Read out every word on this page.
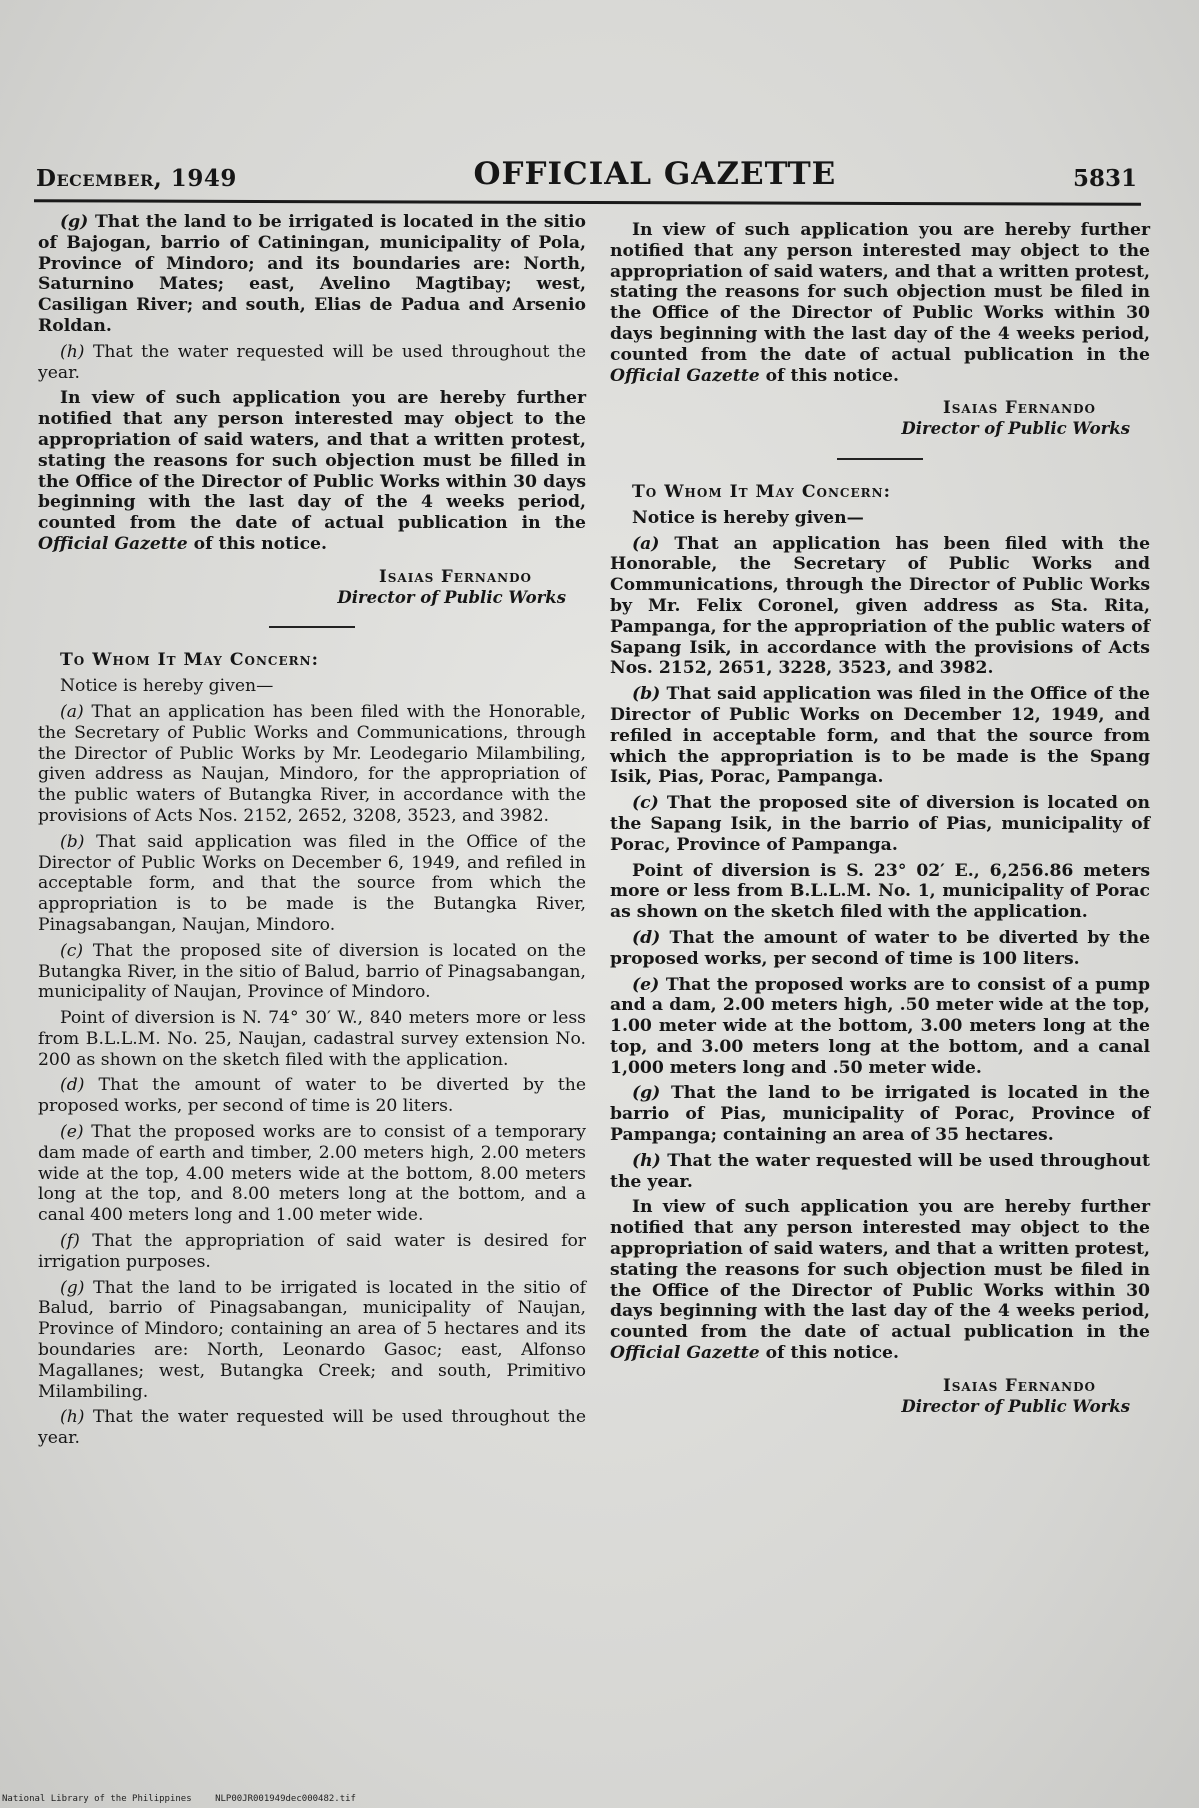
December, 1949	OFFICIAL GAZETTE	5831

(g) That the land to be irrigated is located in the sitio of Bajogan, barrio of Catiningan, municipality of Pola, Province of Mindoro; and its boundaries are: North, Saturnino Mates; east, Avelino Magtibay; west, Casiligan River; and south, Elias de Padua and Arsenio Roldan.

(h) That the water requested will be used throughout the year.

In view of such application you are hereby further notified that any person interested may object to the appropriation of said waters, and that a written protest, stating the reasons for such objection must be filled in the Office of the Director of Public Works within 30 days beginning with the last day of the 4 weeks period, counted from the date of actual publication in the Official Gazette of this notice.

Isaias Fernando
Director of Public Works

To Whom It May Concern:

Notice is hereby given—

(a) That an application has been filed with the Honorable, the Secretary of Public Works and Communications, through the Director of Public Works by Mr. Leodegario Milambiling, given address as Naujan, Mindoro, for the appropriation of the public waters of Butangka River, in accordance with the provisions of Acts Nos. 2152, 2652, 3208, 3523, and 3982.

(b) That said application was filed in the Office of the Director of Public Works on December 6, 1949, and refiled in acceptable form, and that the source from which the appropriation is to be made is the Butangka River, Pinagsabangan, Naujan, Mindoro.

(c) That the proposed site of diversion is located on the Butangka River, in the sitio of Balud, barrio of Pinagsabangan, municipality of Naujan, Province of Mindoro.

Point of diversion is N. 74° 30′ W., 840 meters more or less from B.L.L.M. No. 25, Naujan, cadastral survey extension No. 200 as shown on the sketch filed with the application.

(d) That the amount of water to be diverted by the proposed works, per second of time is 20 liters.

(e) That the proposed works are to consist of a temporary dam made of earth and timber, 2.00 meters high, 2.00 meters wide at the top, 4.00 meters wide at the bottom, 8.00 meters long at the top, and 8.00 meters long at the bottom, and a canal 400 meters long and 1.00 meter wide.

(f) That the appropriation of said water is desired for irrigation purposes.

(g) That the land to be irrigated is located in the sitio of Balud, barrio of Pinagsabangan, municipality of Naujan, Province of Mindoro; containing an area of 5 hectares and its boundaries are: North, Leonardo Gasoc; east, Alfonso Magallanes; west, Butangka Creek; and south, Primitivo Milambiling.

(h) That the water requested will be used throughout the year.

In view of such application you are hereby further notified that any person interested may object to the appropriation of said waters, and that a written protest, stating the reasons for such objection must be filed in the Office of the Director of Public Works within 30 days beginning with the last day of the 4 weeks period, counted from the date of actual publication in the Official Gazette of this notice.

Isaias Fernando
Director of Public Works

To Whom It May Concern:

Notice is hereby given—

(a) That an application has been filed with the Honorable, the Secretary of Public Works and Communications, through the Director of Public Works by Mr. Felix Coronel, given address as Sta. Rita, Pampanga, for the appropriation of the public waters of Sapang Isik, in accordance with the provisions of Acts Nos. 2152, 2651, 3228, 3523, and 3982.

(b) That said application was filed in the Office of the Director of Public Works on December 12, 1949, and refiled in acceptable form, and that the source from which the appropriation is to be made is the Spang Isik, Pias, Porac, Pampanga.

(c) That the proposed site of diversion is located on the Sapang Isik, in the barrio of Pias, municipality of Porac, Province of Pampanga.

Point of diversion is S. 23° 02′ E., 6,256.86 meters more or less from B.L.L.M. No. 1, municipality of Porac as shown on the sketch filed with the application.

(d) That the amount of water to be diverted by the proposed works, per second of time is 100 liters.

(e) That the proposed works are to consist of a pump and a dam, 2.00 meters high, .50 meter wide at the top, 1.00 meter wide at the bottom, 3.00 meters long at the top, and 3.00 meters long at the bottom, and a canal 1,000 meters long and .50 meter wide.

(g) That the land to be irrigated is located in the barrio of Pias, municipality of Porac, Province of Pampanga; containing an area of 35 hectares.

(h) That the water requested will be used throughout the year.

In view of such application you are hereby further notified that any person interested may object to the appropriation of said waters, and that a written protest, stating the reasons for such objection must be filed in the Office of the Director of Public Works within 30 days beginning with the last day of the 4 weeks period, counted from the date of actual publication in the Official Gazette of this notice.

Isaias Fernando
Director of Public Works
National Library of the Philippines	NLP00JR001949dec000482.tif
